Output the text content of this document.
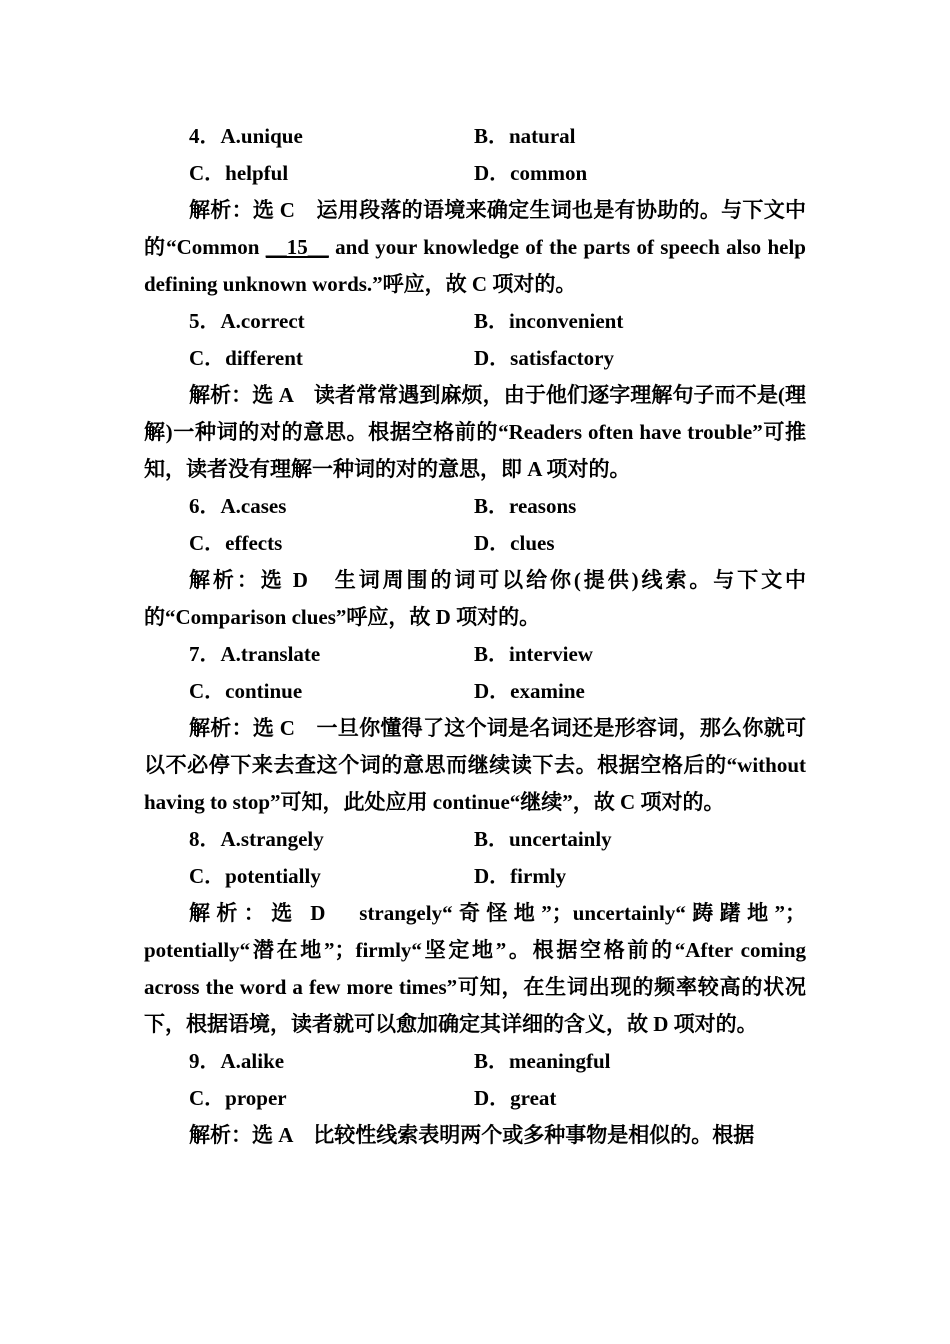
4．A.unique	B．natural
C．helpful	D．common

解析：选 C　运用段落的语境来确定生词也是有协助的。与下文中的“Common __15__ and your knowledge of the parts of speech also help defining unknown words.”呼应，故 C 项对的。

5．A.correct	B．inconvenient
C．different	D．satisfactory

解析：选 A　读者常常遇到麻烦，由于他们逐字理解句子而不是(理解)一种词的对的意思。根据空格前的“Readers often have trouble”可推知，读者没有理解一种词的对的意思，即 A 项对的。

6．A.cases	B．reasons
C．effects	D．clues

解析：选 D　生词周围的词可以给你(提供)线索。与下文中的“Comparison clues”呼应，故 D 项对的。

7．A.translate	B．interview
C．continue	D．examine

解析：选 C　一旦你懂得了这个词是名词还是形容词，那么你就可以不必停下来去查这个词的意思而继续读下去。根据空格后的“without having to stop”可知，此处应用 continue“继续”，故 C 项对的。

8．A.strangely	B．uncertainly
C．potentially	D．firmly

解析：选 D　strangely“奇怪地”；uncertainly“踌躇地”；potentially“潜在地”；firmly“坚定地”。根据空格前的“After coming across the word a few more times”可知，在生词出现的频率较高的状况下，根据语境，读者就可以愈加确定其详细的含义，故 D 项对的。

9．A.alike	B．meaningful
C．proper	D．great

解析：选 A　比较性线索表明两个或多种事物是相似的。根据
